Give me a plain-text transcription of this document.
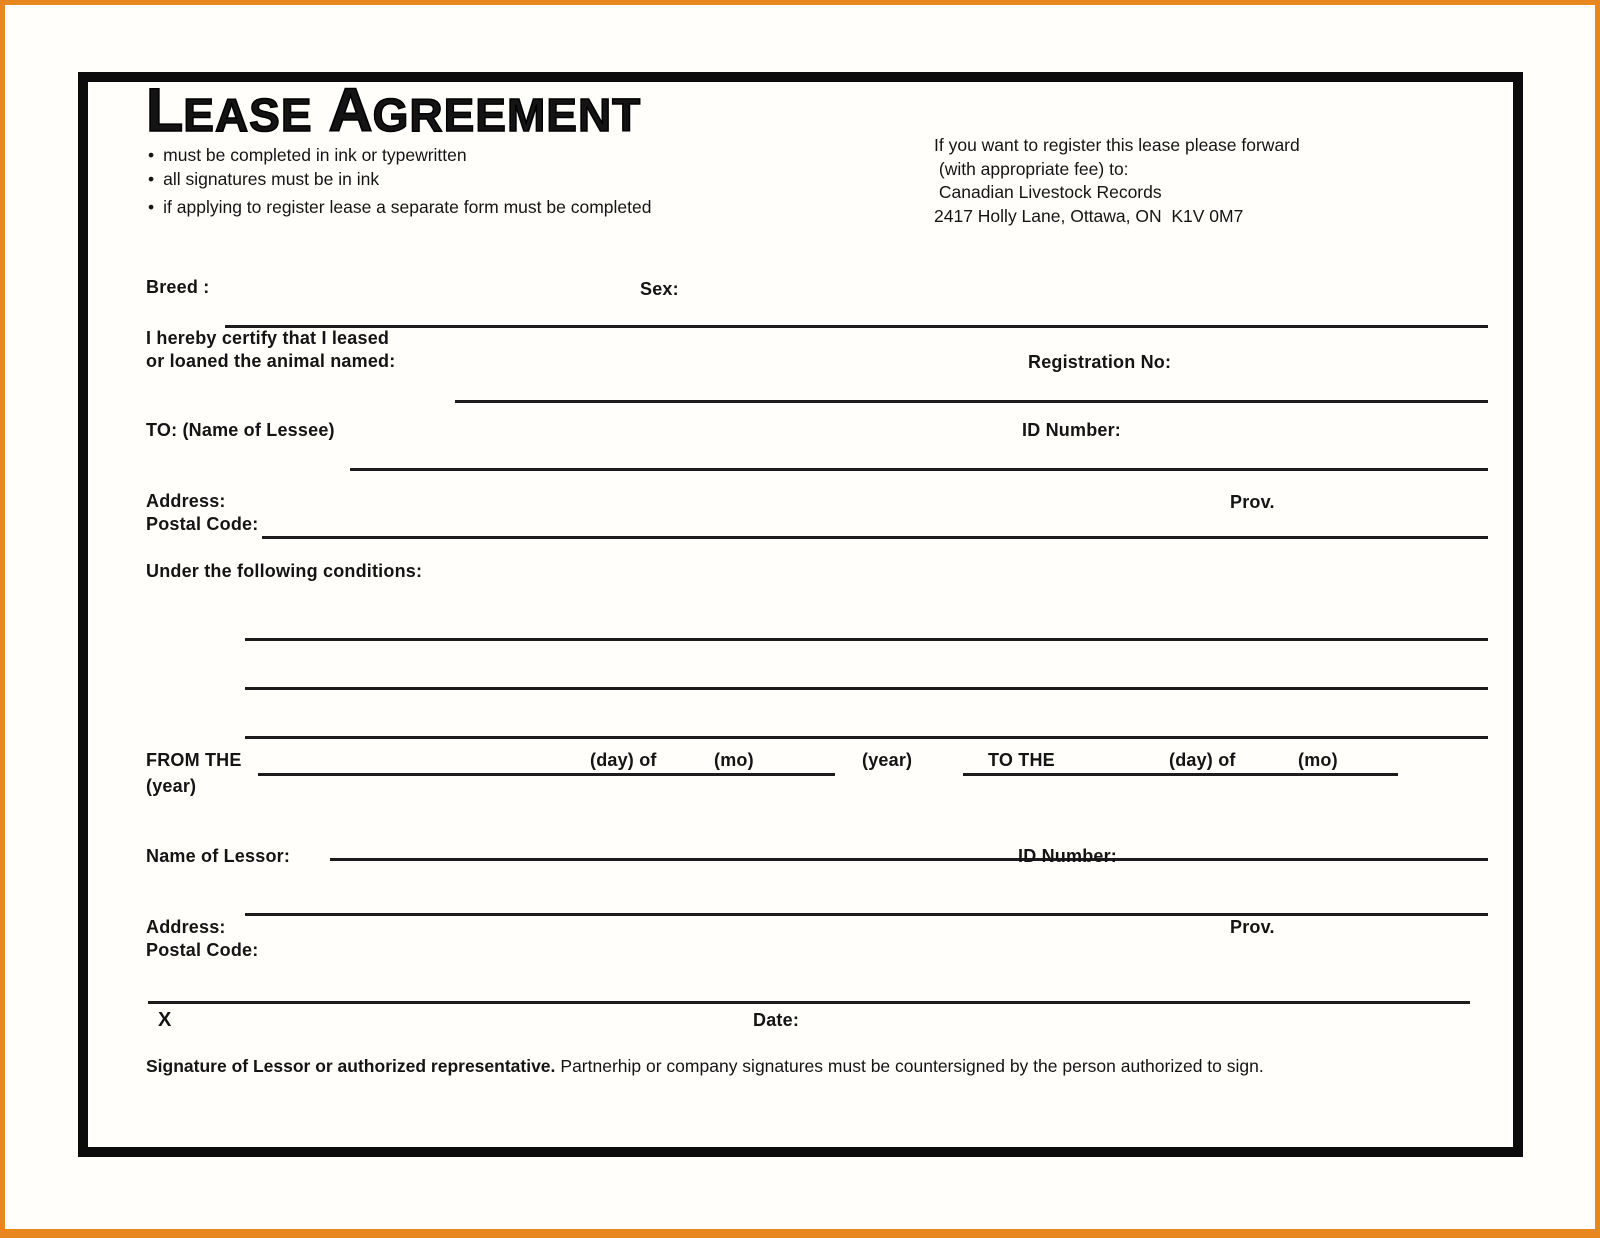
LEASE AGREEMENT
• must be completed in ink or typewritten
• all signatures must be in ink
• if applying to register lease a separate form must be completed
If you want to register this lease please forward
(with appropriate fee) to:
Canadian Livestock Records
2417 Holly Lane, Ottawa, ON  K1V 0M7
Breed :	Sex:
I hereby certify that I leased
or loaned the animal named:	Registration No:
TO: (Name of Lessee)	ID Number:
Address:	Prov.
Postal Code:
Under the following conditions:
FROM THE	(day) of	(mo)	(year)	TO THE	(day) of	(mo)
(year)
Name of Lessor:	ID Number:
Address:	Prov.
Postal Code:
X	Date:
Signature of Lessor or authorized representative. Partnerhip or company signatures must be countersigned by the person authorized to sign.
